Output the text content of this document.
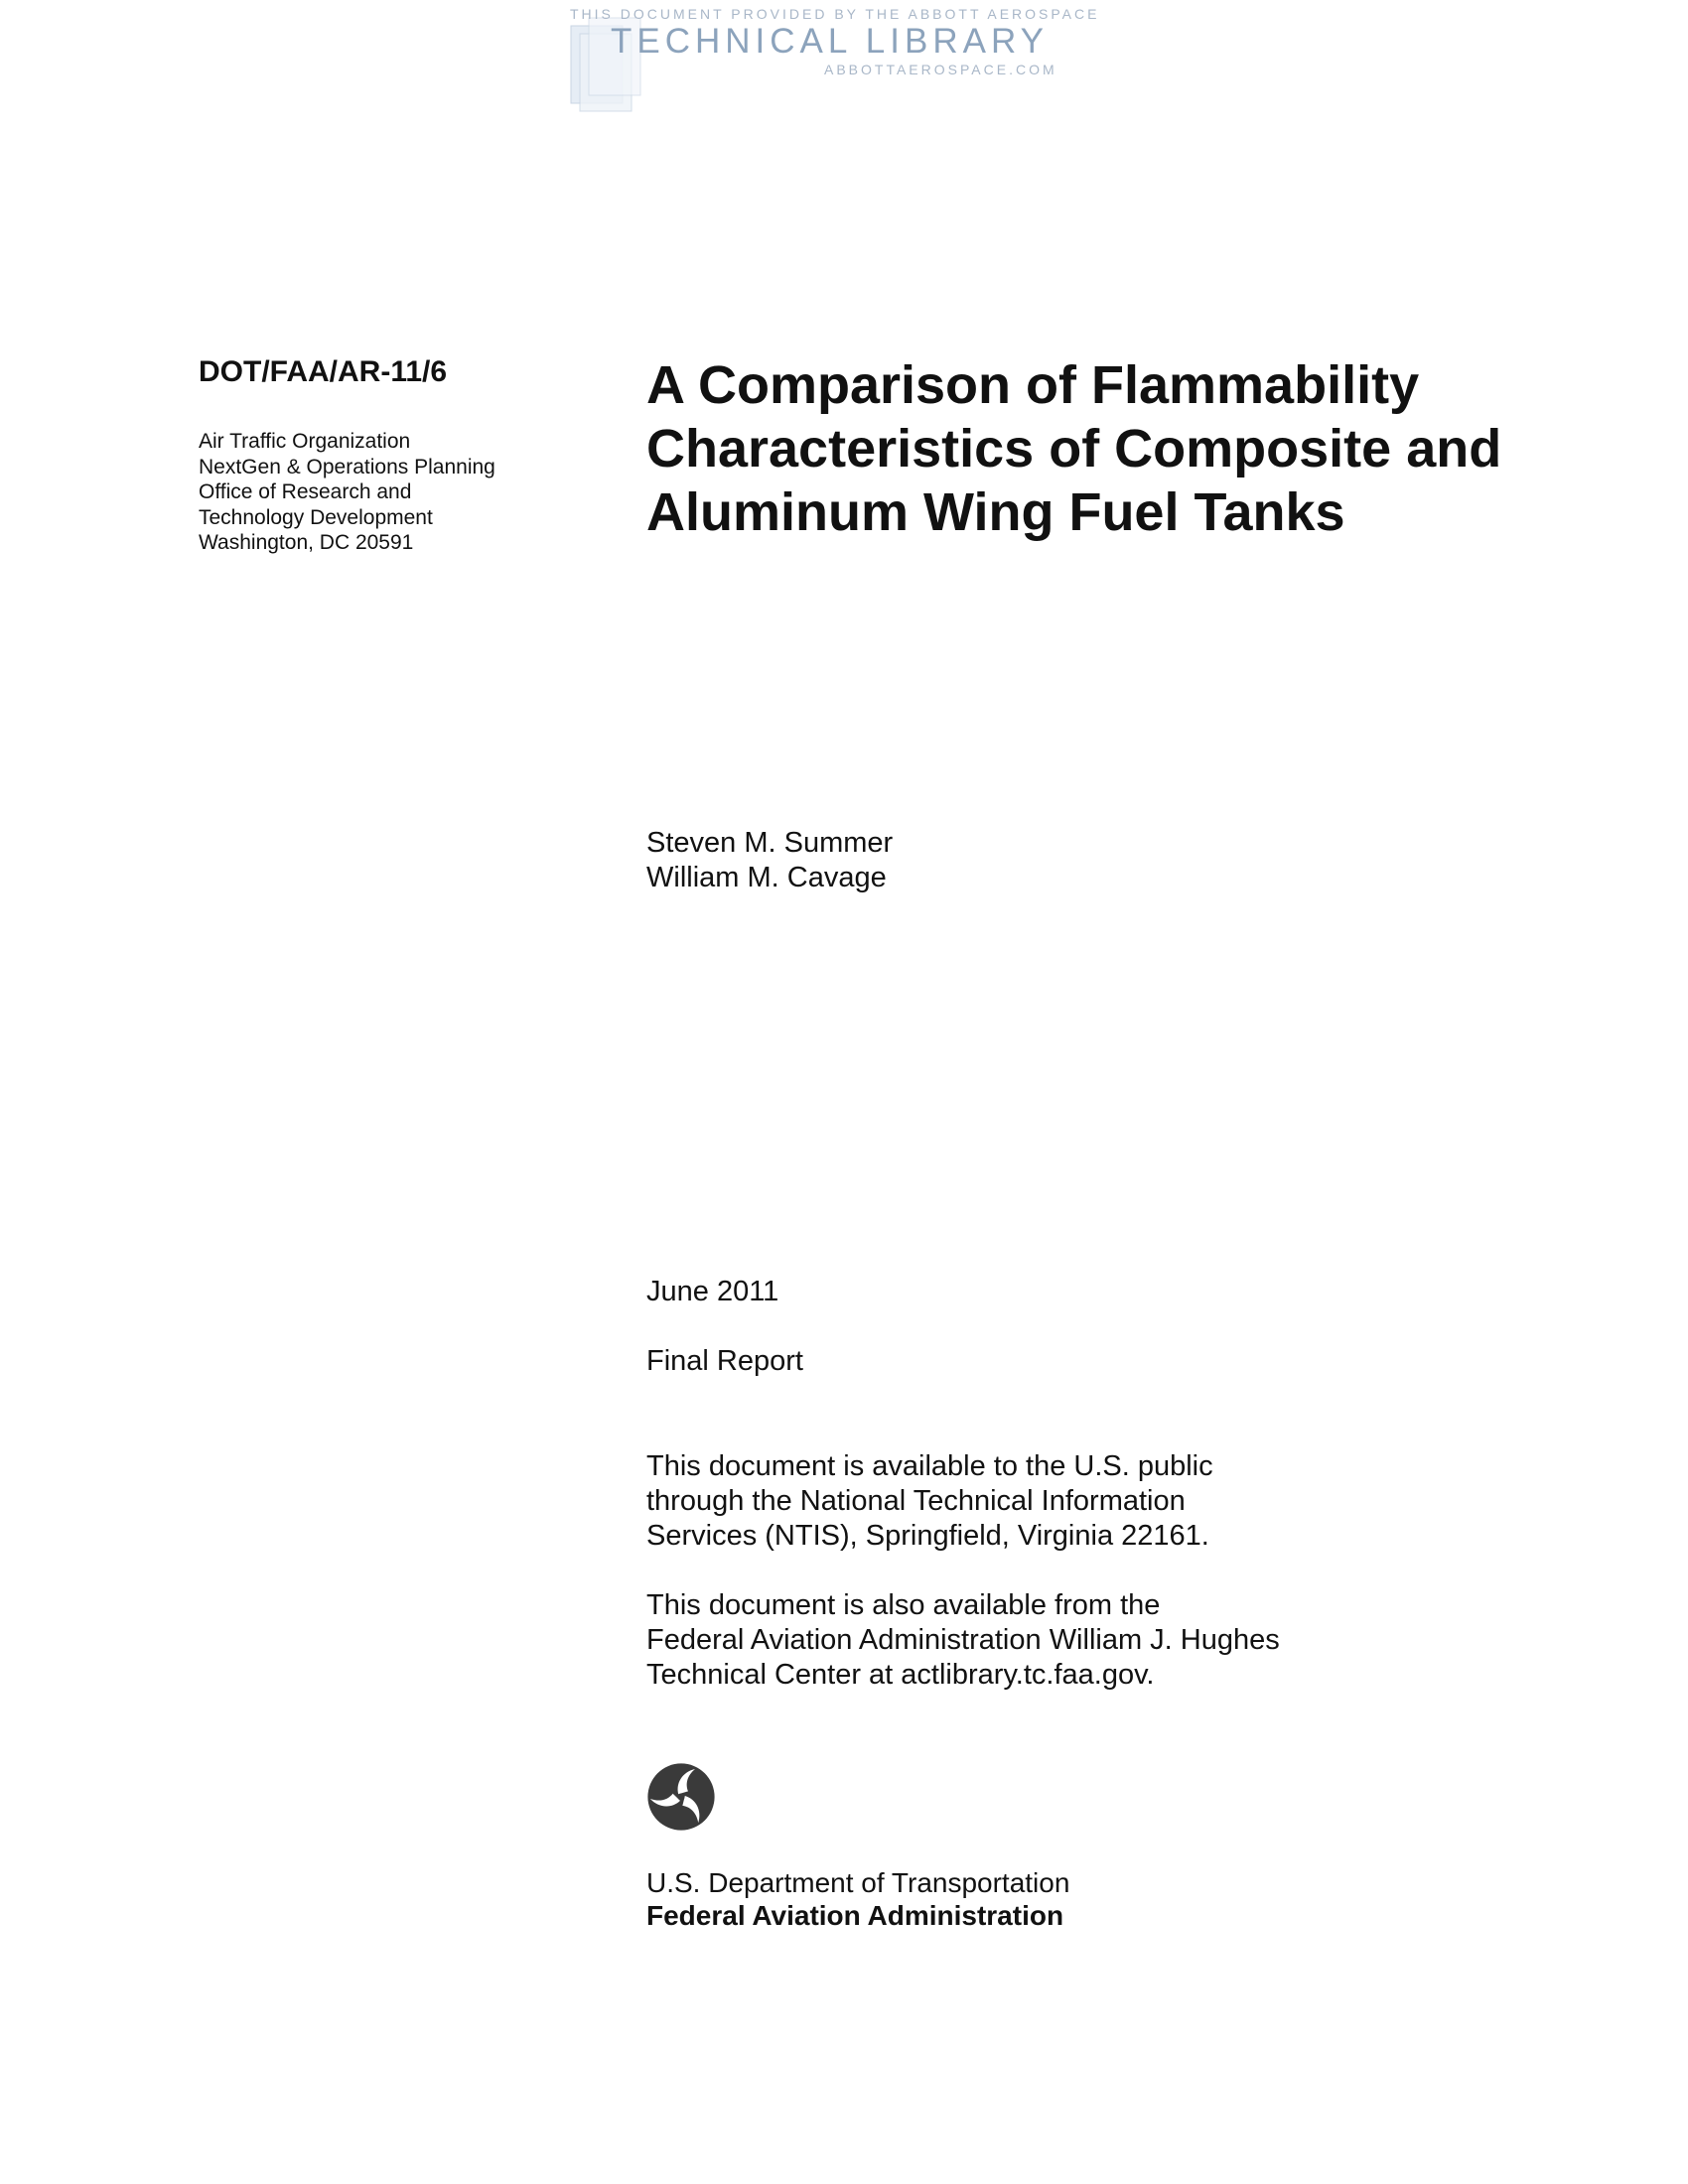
THIS DOCUMENT PROVIDED BY THE ABBOTT AEROSPACE
TECHNICAL LIBRARY
ABBOTTAEROSPACE.COM
DOT/FAA/AR-11/6
Air Traffic Organization
NextGen & Operations Planning
Office of Research and
Technology Development
Washington, DC 20591
A Comparison of Flammability
Characteristics of Composite and
Aluminum Wing Fuel Tanks
Steven M. Summer
William M. Cavage
June 2011
Final Report
This document is available to the U.S. public
through the National Technical Information
Services (NTIS), Springfield, Virginia 22161.
This document is also available from the
Federal Aviation Administration William J. Hughes
Technical Center at actlibrary.tc.faa.gov.
U.S. Department of Transportation
Federal Aviation Administration
